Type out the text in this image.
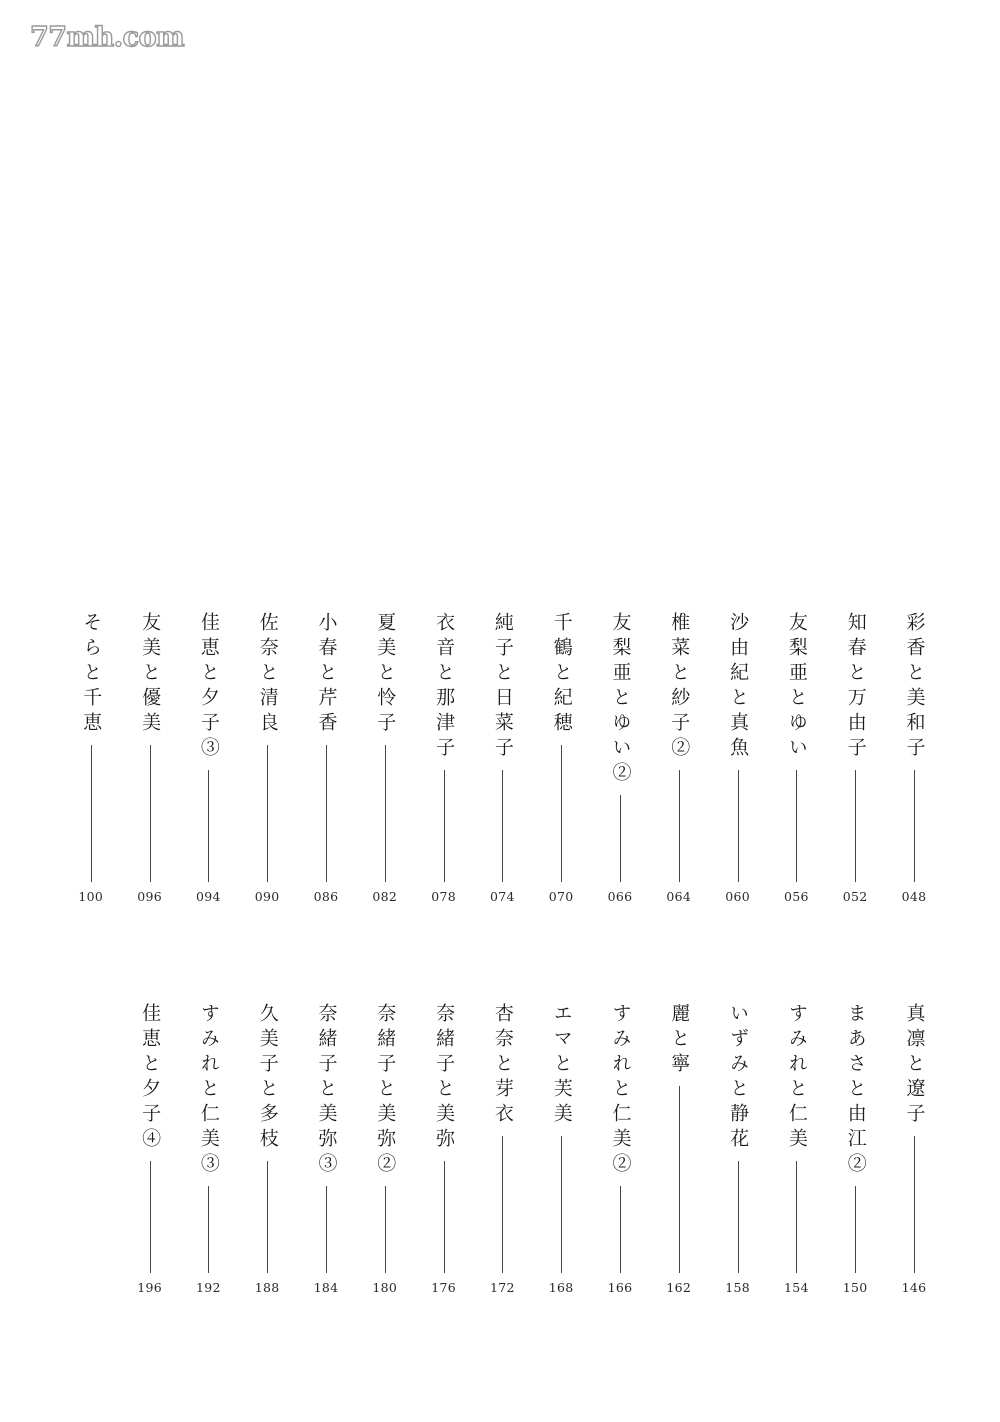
77mh.com
彩香と美和子
048
知春と万由子
052
友梨亜とゆい
056
沙由紀と真魚
060
椎菜と紗子②
064
友梨亜とゆい②
066
千鶴と紀穂
070
純子と日菜子
074
衣音と那津子
078
夏美と怜子
082
小春と芹香
086
佐奈と清良
090
佳恵と夕子③
094
友美と優美
096
そらと千恵
100
真凛と遼子
146
まあさと由江②
150
すみれと仁美
154
いずみと静花
158
麗と寧
162
すみれと仁美②
166
エマと芙美
168
杏奈と芽衣
172
奈緒子と美弥
176
奈緒子と美弥②
180
奈緒子と美弥③
184
久美子と多枝
188
すみれと仁美③
192
佳恵と夕子④
196
